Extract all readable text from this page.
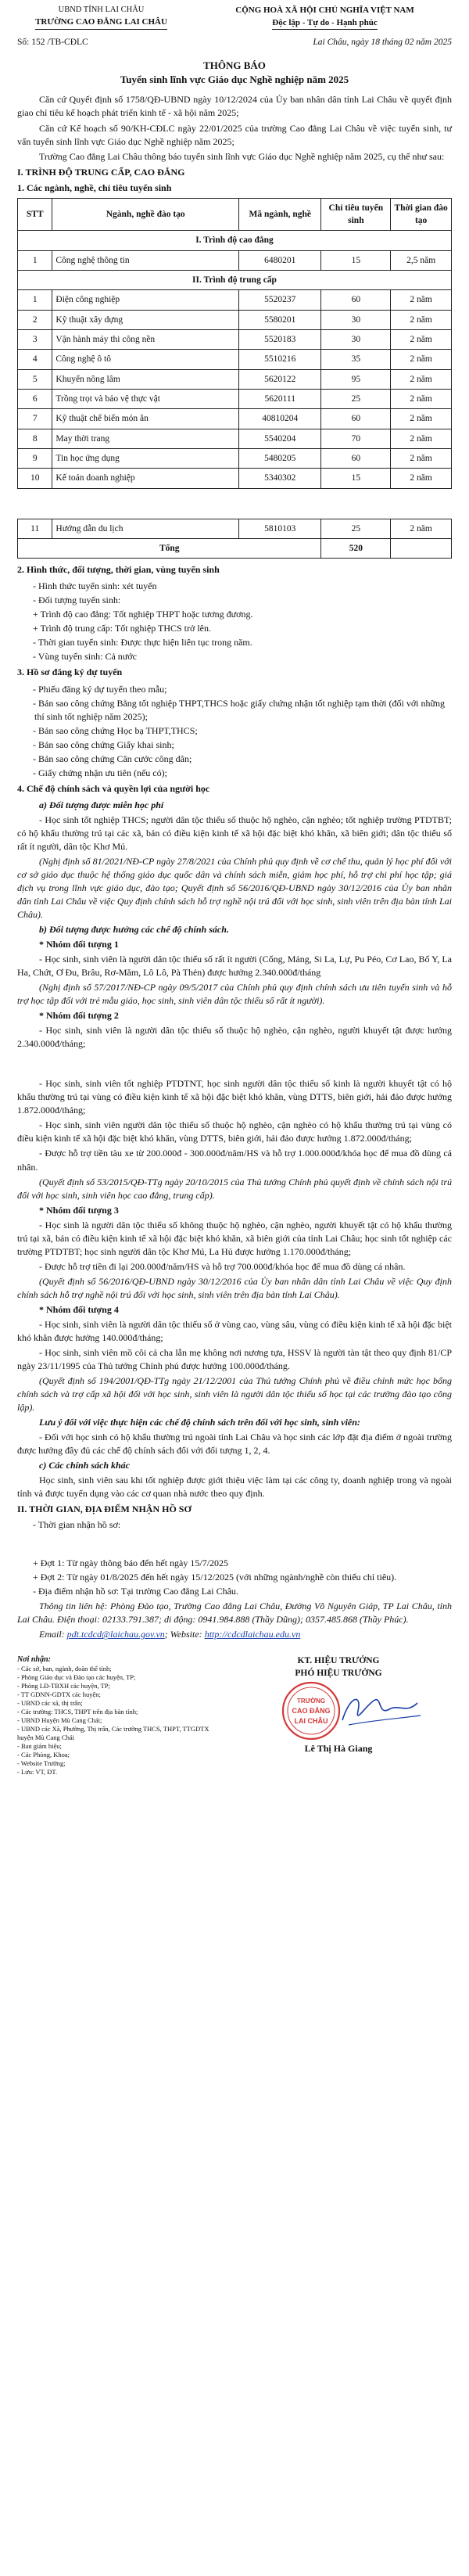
UBND TỈNH LAI CHÂU
TRƯỜNG CAO ĐẲNG LAI CHÂU
CỘNG HOÀ XÃ HỘI CHỦ NGHĨA VIỆT NAM
Độc lập - Tự do - Hạnh phúc
Số: 152 /TB-CĐLC	Lai Châu, ngày 18 tháng 02 năm 2025
THÔNG BÁO
Tuyển sinh lĩnh vực Giáo dục Nghề nghiệp năm 2025
Căn cứ Quyết định số 1758/QĐ-UBND ngày 10/12/2024 của Ủy ban nhân dân tỉnh Lai Châu về quyết định giao chỉ tiêu kế hoạch phát triển kinh tế - xã hội năm 2025;
Căn cứ Kế hoạch số 90/KH-CĐLC ngày 22/01/2025 của trường Cao đẳng Lai Châu về việc tuyển sinh, tư vấn tuyển sinh lĩnh vực Giáo dục Nghề nghiệp năm 2025;
Trường Cao đẳng Lai Châu thông báo tuyển sinh lĩnh vực Giáo dục Nghề nghiệp năm 2025, cụ thể như sau:
I. TRÌNH ĐỘ TRUNG CẤP, CAO ĐẲNG
1. Các ngành, nghề, chỉ tiêu tuyển sinh
STT	Ngành, nghề đào tạo	Mã ngành, nghề	Chỉ tiêu tuyển sinh	Thời gian đào tạo
I. Trình độ cao đẳng				
1	Công nghệ thông tin	6480201	15	2,5 năm
II. Trình độ trung cấp				
1	Điện công nghiệp	5520237	60	2 năm
2	Kỹ thuật xây dựng	5580201	30	2 năm
3	Vận hành máy thi công nền	5520183	30	2 năm
4	Công nghệ ô tô	5510216	35	2 năm
5	Khuyến nông lâm	5620122	95	2 năm
6	Trồng trọt và bảo vệ thực vật	5620111	25	2 năm
7	Kỹ thuật chế biến món ăn	40810204	60	2 năm
8	May thời trang	5540204	70	2 năm
9	Tin học ứng dụng	5480205	60	2 năm
10	Kế toán doanh nghiệp	5340302	15	2 năm
11	Hướng dẫn du lịch	5810103	25	2 năm
Tổng			520	
2. Hình thức, đối tượng, thời gian, vùng tuyển sinh
- Hình thức tuyển sinh: xét tuyển
- Đối tượng tuyển sinh:
+ Trình độ cao đẳng: Tốt nghiệp THPT hoặc tương đương.
+ Trình độ trung cấp: Tốt nghiệp THCS trở lên.
- Thời gian tuyển sinh: Được thực hiện liên tục trong năm.
- Vùng tuyển sinh: Cả nước
3. Hồ sơ đăng ký dự tuyển
- Phiếu đăng ký dự tuyển theo mẫu;
- Bản sao công chứng Bằng tốt nghiệp THPT,THCS hoặc giấy chứng nhận tốt nghiệp tạm thời (đối với những thí sinh tốt nghiệp năm 2025);
- Bản sao công chứng Học bạ THPT,THCS;
- Bản sao công chứng Giấy khai sinh;
- Bản sao công chứng Căn cước công dân;
- Giấy chứng nhận ưu tiên (nếu có);
4. Chế độ chính sách và quyền lợi của người học
a) Đối tượng được miễn học phí
- Học sinh tốt nghiệp THCS; người dân tộc thiểu số thuộc hộ nghèo, cận nghèo; tốt nghiệp trường PTDTBT; có hộ khẩu thường trú tại các xã, bản có điều kiện kinh tế xã hội đặc biệt khó khăn, xã biên giới; dân tộc thiểu số rất ít người, dân tộc Khơ Mú.
(Nghị định số 81/2021/NĐ-CP ngày 27/8/2021 của Chính phủ quy định về cơ chế thu, quản lý học phí đối với cơ sở giáo dục thuộc hệ thống giáo dục quốc dân và chính sách miễn, giảm học phí, hỗ trợ chi phí học tập; giá dịch vụ trong lĩnh vực giáo dục, đào tạo; Quyết định số 56/2016/QĐ-UBND ngày 30/12/2016 của Ủy ban nhân dân tỉnh Lai Châu về việc Quy định chính sách hỗ trợ nghề nội trú đối với học sinh, sinh viên trên địa bàn tỉnh Lai Châu).
b) Đối tượng được hưởng các chế độ chính sách.
* Nhóm đối tượng 1
- Học sinh, sinh viên là người dân tộc thiểu số rất ít người (Cống, Mảng, Si La, Lự, Pu Péo, Cơ Lao, Bố Y, La Ha, Chứt, Ơ Đu, Brâu, Rơ-Măm, Lô Lô, Pà Thẻn) được hưởng 2.340.000đ/tháng
(Nghị định số 57/2017/NĐ-CP ngày 09/5/2017 của Chính phủ quy định chính sách ưu tiên tuyển sinh và hỗ trợ học tập đối với trẻ mẫu giáo, học sinh, sinh viên dân tộc thiểu số rất ít người).
* Nhóm đối tượng 2
- Học sinh, sinh viên là người dân tộc thiểu số thuộc hộ nghèo, cận nghèo, người khuyết tật được hưởng 2.340.000đ/tháng;
- Học sinh, sinh viên tốt nghiệp PTDTNT, học sinh người dân tộc thiểu số kinh là người khuyết tật có hộ khẩu thường trú tại vùng có điều kiện kinh tế xã hội đặc biệt khó khăn, vùng DTTS, biên giới, hải đảo được hưởng 1.872.000đ/tháng;
- Học sinh, sinh viên người dân tộc thiểu số thuộc hộ nghèo, cận nghèo có hộ khẩu thường trú tại vùng có điều kiện kinh tế xã hội đặc biệt khó khăn, vùng DTTS, biên giới, hải đảo được hưởng 1.872.000đ/tháng;
- Được hỗ trợ tiền tàu xe từ 200.000đ - 300.000đ/năm/HS và hỗ trợ 1.000.000đ/khóa học để mua đồ dùng cá nhân.
(Quyết định số 53/2015/QĐ-TTg ngày 20/10/2015 của Thủ tướng Chính phủ quyết định về chính sách nội trú đối với học sinh, sinh viên học cao đẳng, trung cấp).
* Nhóm đối tượng 3
- Học sinh là người dân tộc thiểu số không thuộc hộ nghèo, cận nghèo, người khuyết tật có hộ khẩu thường trú tại xã, bản có điều kiện kinh tế xã hội đặc biệt khó khăn, xã biên giới của tỉnh Lai Châu; học sinh tốt nghiệp các trường PTDTBT; học sinh người dân tộc Khơ Mú, La Hủ được hưởng 1.170.000đ/tháng;
- Được hỗ trợ tiền đi lại 200.000đ/năm/HS và hỗ trợ 700.000đ/khóa học để mua đồ dùng cá nhân.
(Quyết định số 56/2016/QĐ-UBND ngày 30/12/2016 của Ủy ban nhân dân tỉnh Lai Châu về việc Quy định chính sách hỗ trợ nghề nội trú đối với học sinh, sinh viên trên địa bàn tỉnh Lai Châu).
* Nhóm đối tượng 4
- Học sinh, sinh viên là người dân tộc thiểu số ở vùng cao, vùng sâu, vùng có điều kiện kinh tế xã hội đặc biệt khó khăn được hưởng 140.000đ/tháng;
- Học sinh, sinh viên mồ côi cả cha lẫn mẹ không nơi nương tựa, HSSV là người tàn tật theo quy định 81/CP ngày 23/11/1995 của Thủ tướng Chính phủ được hưởng 100.000đ/tháng.
(Quyết định số 194/2001/QĐ-TTg ngày 21/12/2001 của Thủ tướng Chính phủ về điều chỉnh mức học bổng chính sách và trợ cấp xã hội đối với học sinh, sinh viên là người dân tộc thiểu số học tại các trường đào tạo công lập).
Lưu ý đối với việc thực hiện các chế độ chính sách trên đối với học sinh, sinh viên:
- Đối với học sinh có hộ khẩu thường trú ngoài tỉnh Lai Châu và học sinh các lớp đặt địa điểm ở ngoài trường được hưởng đầy đủ các chế độ chính sách đối với đối tượng 1, 2, 4.
c) Các chính sách khác
Học sinh, sinh viên sau khi tốt nghiệp được giới thiệu việc làm tại các công ty, doanh nghiệp trong và ngoài tỉnh và được tuyển dụng vào các cơ quan nhà nước theo quy định.
II. THỜI GIAN, ĐỊA ĐIỂM NHẬN HỒ SƠ
- Thời gian nhận hồ sơ:
+ Đợt 1: Từ ngày thông báo đến hết ngày 15/7/2025
+ Đợt 2: Từ ngày 01/8/2025 đến hết ngày 15/12/2025 (với những ngành/nghề còn thiếu chỉ tiêu).
- Địa điểm nhận hồ sơ: Tại trường Cao đẳng Lai Châu.
Thông tin liên hệ: Phòng Đào tạo, Trường Cao đẳng Lai Châu, Đường Võ Nguyên Giáp, TP Lai Châu, tỉnh Lai Châu. Điện thoại: 02133.791.387; di động: 0941.984.888 (Thầy Dũng); 0357.485.868 (Thầy Phúc).
Email: pdt.tcdcd@laichau.gov.vn; Website: http://cdcdlaichau.edu.vn
Nơi nhận:
- Các sở, ban, ngành, đoàn thể tỉnh;
- Phòng Giáo dục và Đào tạo các huyện, TP;
- Phòng LĐ-TBXH các huyện, TP;
- TT GDNN-GDTX các huyện;
- UBND các xã, thị trấn;
- Các trường: THCS, THPT trên địa bàn tỉnh;
- UBND Huyện Mù Cang Chải;
- UBND các Xã, Phường, Thị trấn, Các trường THCS, THPT, TTGDTX huyện Mù Cang Chải
- Ban giám hiệu;
- Các Phòng, Khoa;
- Website Trường;
- Lưu: VT, ĐT.
KT. HIỆU TRƯỞNG
PHÓ HIỆU TRƯỞNG
TRƯỜNG
CAO ĐẲNG
LAI CHÂU
Lê Thị Hà Giang
